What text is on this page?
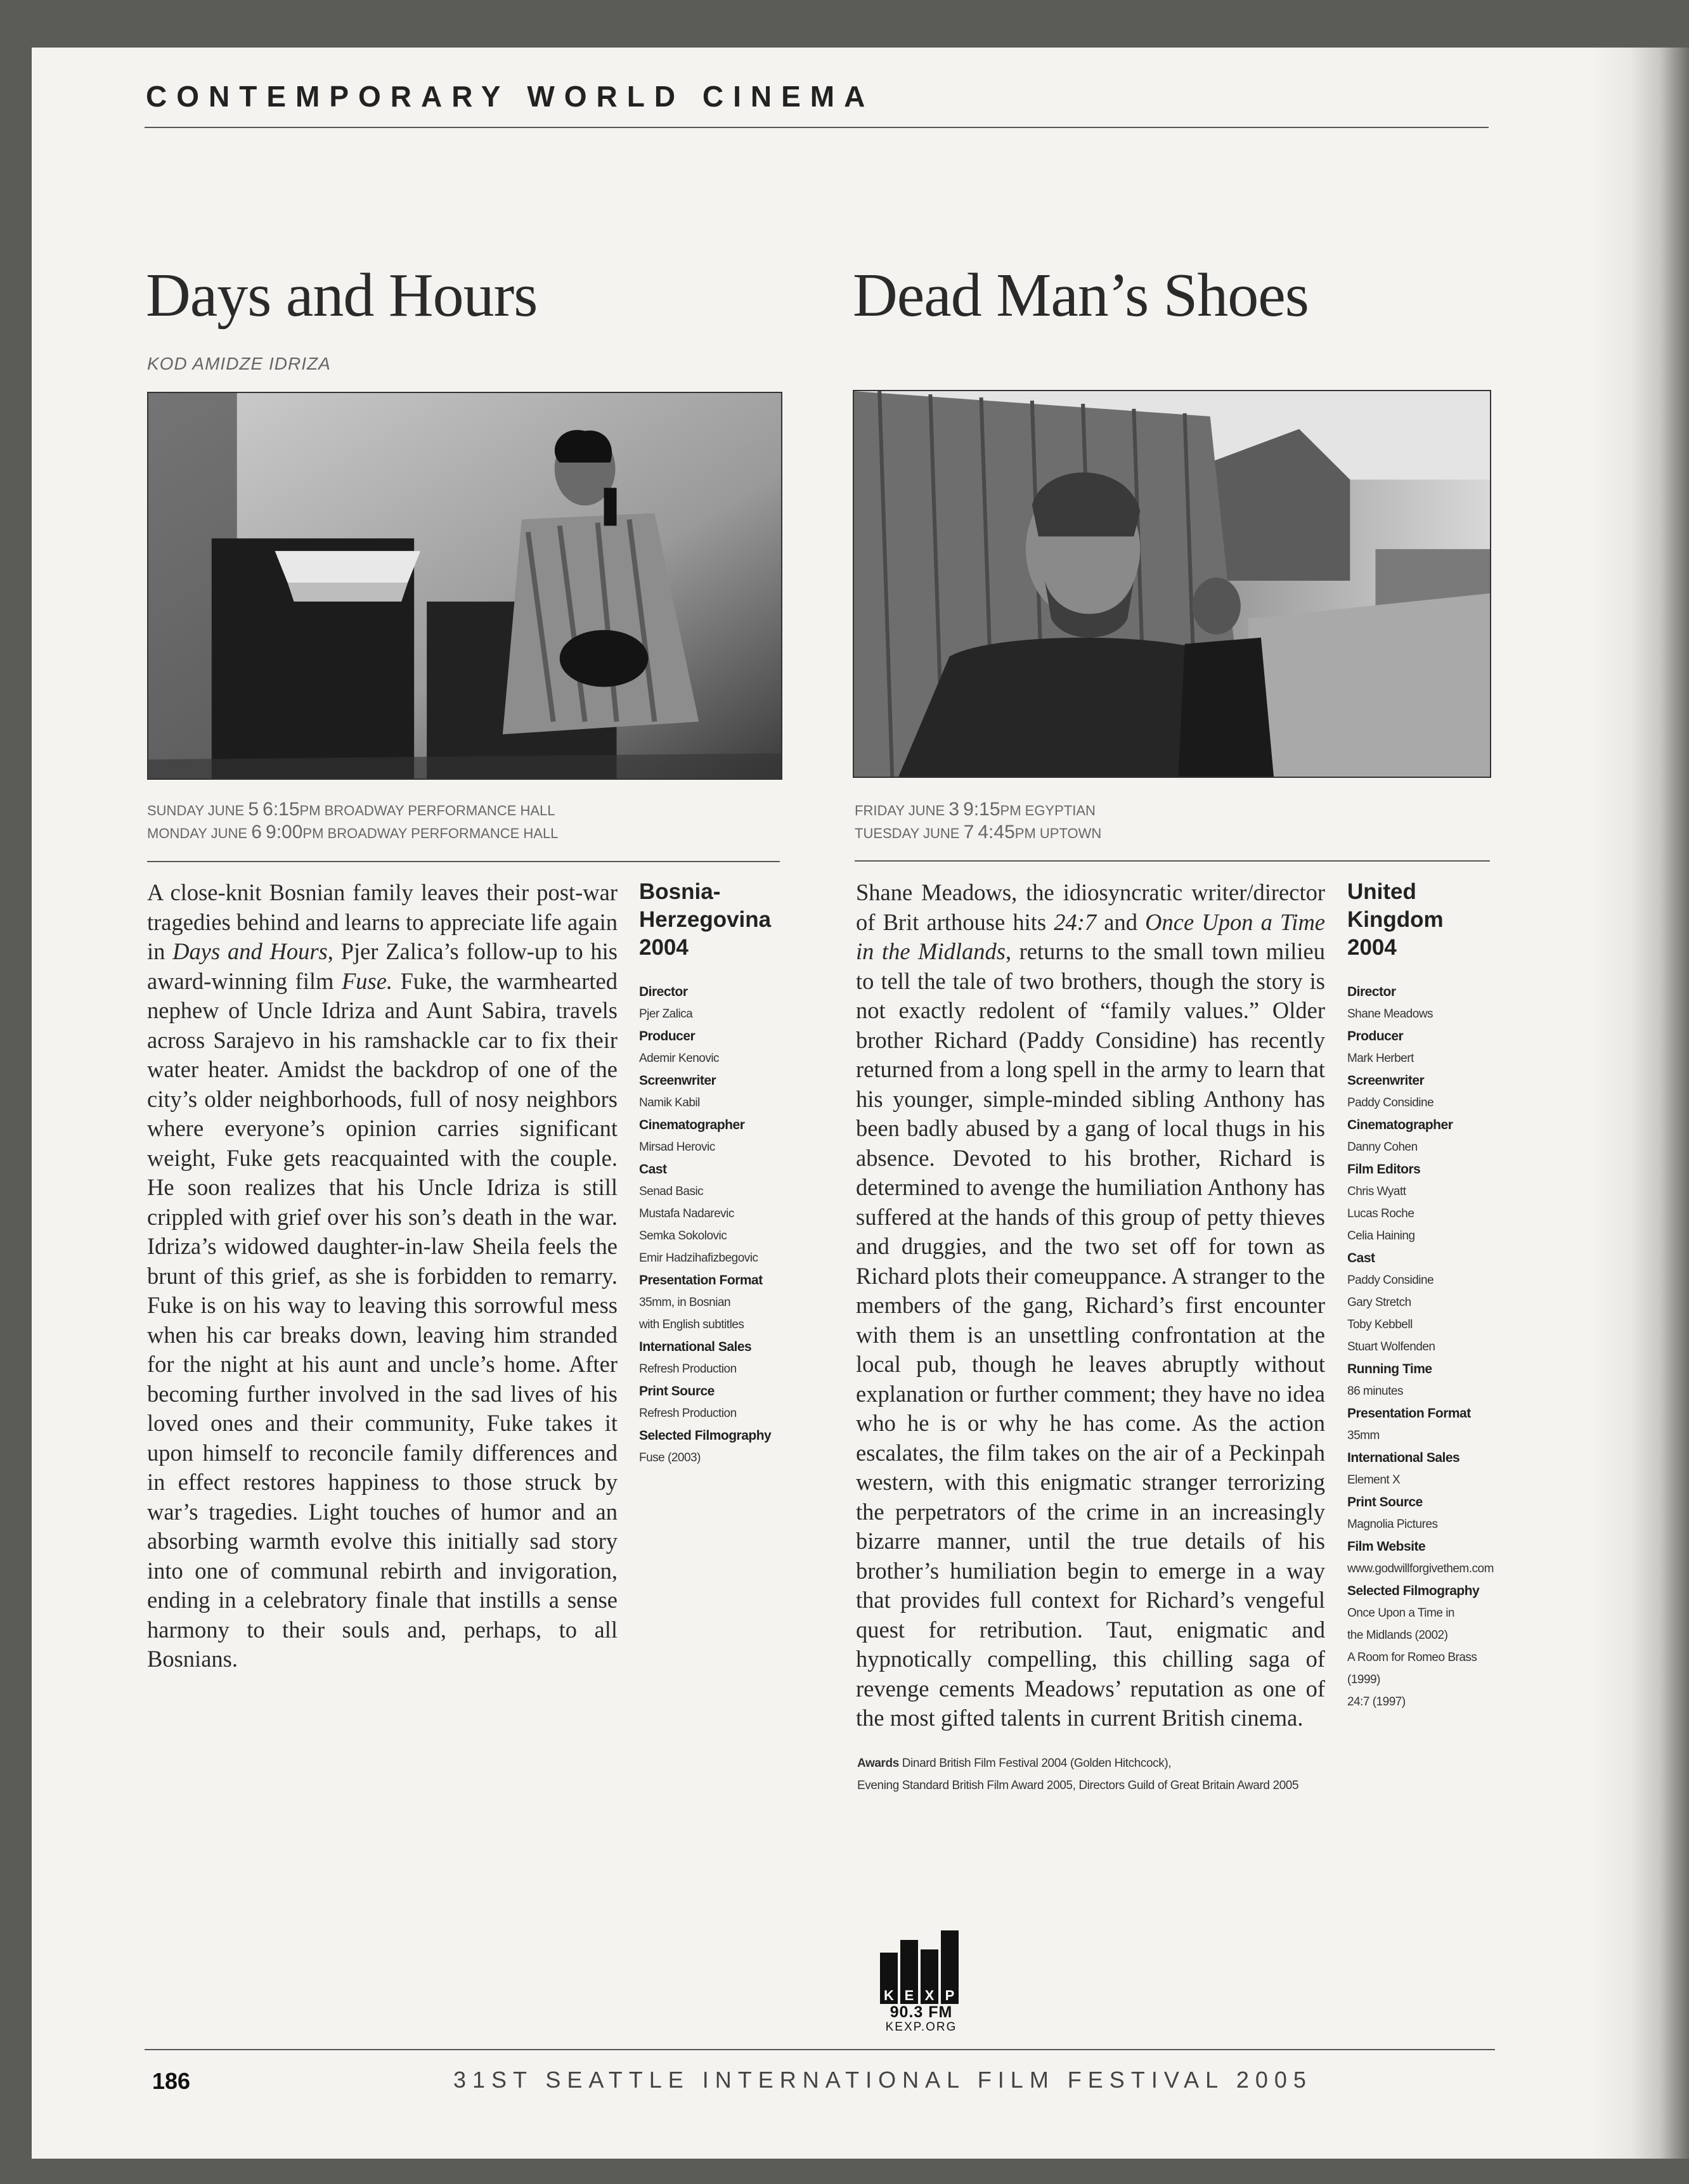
CONTEMPORARY WORLD CINEMA
Days and Hours
KOD AMIDZE IDRIZA
SUNDAY JUNE 5 6:15PM BROADWAY PERFORMANCE HALL
MONDAY JUNE 6 9:00PM BROADWAY PERFORMANCE HALL
A close-knit Bosnian family leaves their post-war tragedies behind and learns to appreciate life again in Days and Hours, Pjer Zalica’s follow-up to his award-winning film Fuse. Fuke, the warmhearted nephew of Uncle Idriza and Aunt Sabira, travels across Sarajevo in his ramshackle car to fix their water heater. Amidst the backdrop of one of the city’s older neighborhoods, full of nosy neighbors where everyone’s opinion carries significant weight, Fuke gets reacquainted with the couple. He soon realizes that his Uncle Idriza is still crippled with grief over his son’s death in the war. Idriza’s widowed daughter-in-law Sheila feels the brunt of this grief, as she is forbidden to remarry. Fuke is on his way to leaving this sorrowful mess when his car breaks down, leaving him stranded for the night at his aunt and uncle’s home. After becoming further involved in the sad lives of his loved ones and their community, Fuke takes it upon himself to reconcile family differences and in effect restores happiness to those struck by war’s tragedies. Light touches of humor and an absorbing warmth evolve this initially sad story into one of communal rebirth and invigoration, ending in a celebratory finale that instills a sense harmony to their souls and, perhaps, to all Bosnians.
Bosnia-
Herzegovina
2004
Director
Pjer Zalica
Producer
Ademir Kenovic
Screenwriter
Namik Kabil
Cinematographer
Mirsad Herovic
Cast
Senad Basic
Mustafa Nadarevic
Semka Sokolovic
Emir Hadzihafizbegovic
Presentation Format
35mm, in Bosnian
with English subtitles
International Sales
Refresh Production
Print Source
Refresh Production
Selected Filmography
Fuse (2003)
Dead Man’s Shoes
FRIDAY JUNE 3 9:15PM EGYPTIAN
TUESDAY JUNE 7 4:45PM UPTOWN
Shane Meadows, the idiosyncratic writer/director of Brit arthouse hits 24:7 and Once Upon a Time in the Midlands, returns to the small town milieu to tell the tale of two brothers, though the story is not exactly redolent of “family values.” Older brother Richard (Paddy Considine) has recently returned from a long spell in the army to learn that his younger, simple-minded sibling Anthony has been badly abused by a gang of local thugs in his absence. Devoted to his brother, Richard is determined to avenge the humiliation Anthony has suffered at the hands of this group of petty thieves and druggies, and the two set off for town as Richard plots their comeuppance. A stranger to the members of the gang, Richard’s first encounter with them is an unsettling confrontation at the local pub, though he leaves abruptly without explanation or further comment; they have no idea who he is or why he has come. As the action escalates, the film takes on the air of a Peckinpah western, with this enigmatic stranger terrorizing the perpetrators of the crime in an increasingly bizarre manner, until the true details of his brother’s humiliation begin to emerge in a way that provides full context for Richard’s vengeful quest for retribution. Taut, enigmatic and hypnotically compelling, this chilling saga of revenge cements Meadows’ reputation as one of the most gifted talents in current British cinema.
United
Kingdom
2004
Director
Shane Meadows
Producer
Mark Herbert
Screenwriter
Paddy Considine
Cinematographer
Danny Cohen
Film Editors
Chris Wyatt
Lucas Roche
Celia Haining
Cast
Paddy Considine
Gary Stretch
Toby Kebbell
Stuart Wolfenden
Running Time
86 minutes
Presentation Format
35mm
International Sales
Element X
Print Source
Magnolia Pictures
Film Website
www.godwillforgivethem.com
Selected Filmography
Once Upon a Time in
the Midlands (2002)
A Room for Romeo Brass (1999)
24:7 (1997)
Awards Dinard British Film Festival 2004 (Golden Hitchcock),
Evening Standard British Film Award 2005, Directors Guild of Great Britain Award 2005
K E X P
90.3 FM
KEXP.ORG
186	31ST SEATTLE INTERNATIONAL FILM FESTIVAL 2005
